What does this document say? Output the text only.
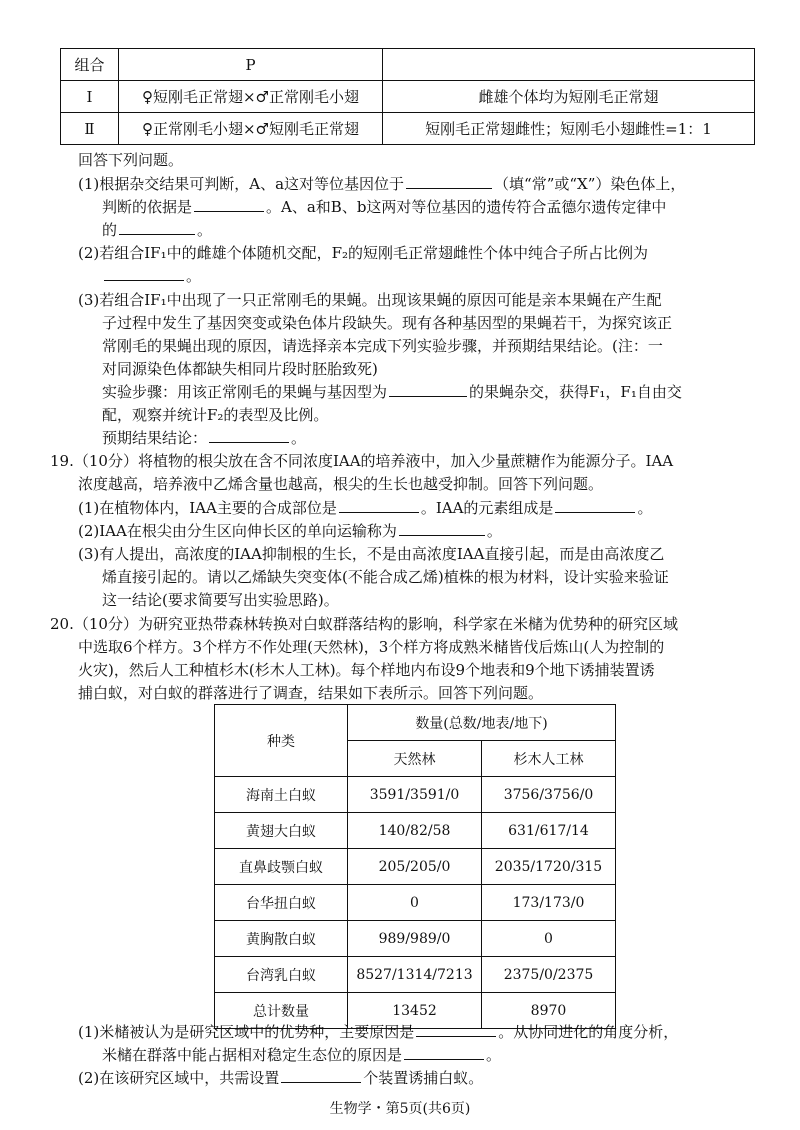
组合	P	
Ⅰ	♀短刚毛正常翅×♂正常刚毛小翅	雌雄个体均为短刚毛正常翅
Ⅱ	♀正常刚毛小翅×♂短刚毛正常翅	短刚毛正常翅雌性；短刚毛小翅雌性=1：1
回答下列问题。
(1)根据杂交结果可判断，A、a这对等位基因位于	（填“常”或“X”）染色体上，
判断的依据是	。A、a和B、b这两对等位基因的遗传符合孟德尔遗传定律中
的	。
(2)若组合ⅠF₁中的雌雄个体随机交配，F₂的短刚毛正常翅雌性个体中纯合子所占比例为
。
(3)若组合ⅠF₁中出现了一只正常刚毛的果蝇。出现该果蝇的原因可能是亲本果蝇在产生配
子过程中发生了基因突变或染色体片段缺失。现有各种基因型的果蝇若干，为探究该正
常刚毛的果蝇出现的原因，请选择亲本完成下列实验步骤，并预期结果结论。(注：一
对同源染色体都缺失相同片段时胚胎致死)
实验步骤：用该正常刚毛的果蝇与基因型为	的果蝇杂交，获得F₁，F₁自由交
配，观察并统计F₂的表型及比例。
预期结果结论：	。
19.（10分）将植物的根尖放在含不同浓度IAA的培养液中，加入少量蔗糖作为能源分子。IAA
浓度越高，培养液中乙烯含量也越高，根尖的生长也越受抑制。回答下列问题。
(1)在植物体内，IAA主要的合成部位是	。IAA的元素组成是	。
(2)IAA在根尖由分生区向伸长区的单向运输称为	。
(3)有人提出，高浓度的IAA抑制根的生长，不是由高浓度IAA直接引起，而是由高浓度乙
烯直接引起的。请以乙烯缺失突变体(不能合成乙烯)植株的根为材料，设计实验来验证
这一结论(要求简要写出实验思路)。
20.（10分）为研究亚热带森林转换对白蚁群落结构的影响，科学家在米槠为优势种的研究区域
中选取6个样方。3个样方不作处理(天然林)，3个样方将成熟米槠皆伐后炼山(人为控制的
火灾)，然后人工种植杉木(杉木人工林)。每个样地内布设9个地表和9个地下诱捕装置诱
捕白蚁，对白蚁的群落进行了调查，结果如下表所示。回答下列问题。
种类	数量(总数/地表/地下)	
	天然林	杉木人工林
海南土白蚁	3591/3591/0	3756/3756/0
黄翅大白蚁	140/82/58	631/617/14
直鼻歧颚白蚁	205/205/0	2035/1720/315
台华扭白蚁	0	173/173/0
黄胸散白蚁	989/989/0	0
台湾乳白蚁	8527/1314/7213	2375/0/2375
总计数量	13452	8970
(1)米槠被认为是研究区域中的优势种，主要原因是	。从协同进化的角度分析，
米槠在群落中能占据相对稳定生态位的原因是	。
(2)在该研究区域中，共需设置	个装置诱捕白蚁。
生物学・第5页(共6页)
